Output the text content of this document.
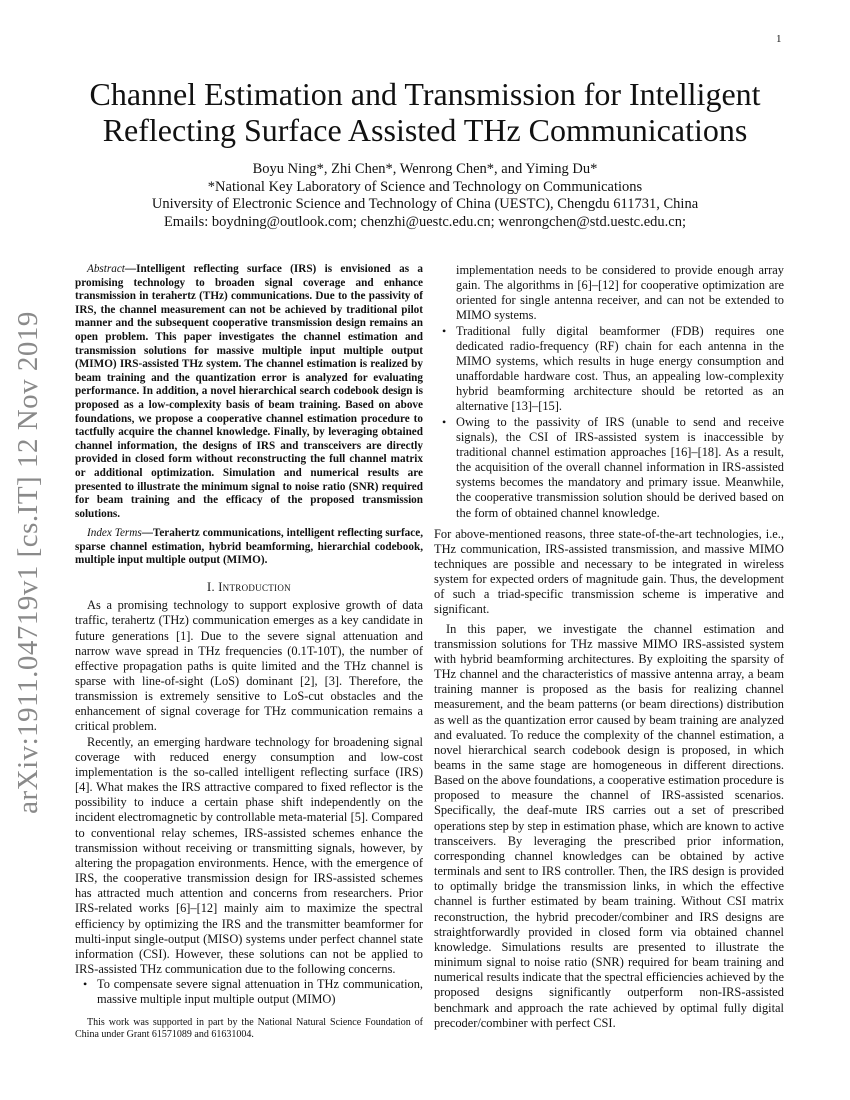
1
arXiv:1911.04719v1 [cs.IT] 12 Nov 2019
Channel Estimation and Transmission for Intelligent Reflecting Surface Assisted THz Communications
Boyu Ning*, Zhi Chen*, Wenrong Chen*, and Yiming Du*
*National Key Laboratory of Science and Technology on Communications
University of Electronic Science and Technology of China (UESTC), Chengdu 611731, China
Emails: boydning@outlook.com; chenzhi@uestc.edu.cn; wenrongchen@std.uestc.edu.cn;

Abstract—Intelligent reflecting surface (IRS) is envisioned as a promising technology to broaden signal coverage and enhance transmission in terahertz (THz) communications. Due to the passivity of IRS, the channel measurement can not be achieved by traditional pilot manner and the subsequent cooperative transmission design remains an open problem. This paper investigates the channel estimation and transmission solutions for massive multiple input multiple output (MIMO) IRS-assisted THz system. The channel estimation is realized by beam training and the quantization error is analyzed for evaluating performance. In addition, a novel hierarchical search codebook design is proposed as a low-complexity basis of beam training. Based on above foundations, we propose a cooperative channel estimation procedure to tactfully acquire the channel knowledge. Finally, by leveraging obtained channel information, the designs of IRS and transceivers are directly provided in closed form without reconstructing the full channel matrix or additional optimization. Simulation and numerical results are presented to illustrate the minimum signal to noise ratio (SNR) required for beam training and the efficacy of the proposed transmission solutions.

Index Terms—Terahertz communications, intelligent reflecting surface, sparse channel estimation, hybrid beamforming, hierarchial codebook, multiple input multiple output (MIMO).

I. Introduction

As a promising technology to support explosive growth of data traffic, terahertz (THz) communication emerges as a key candidate in future generations [1]. Due to the severe signal attenuation and narrow wave spread in THz frequencies (0.1T-10T), the number of effective propagation paths is quite limited and the THz channel is sparse with line-of-sight (LoS) dominant [2], [3]. Therefore, the transmission is extremely sensitive to LoS-cut obstacles and the enhancement of signal coverage for THz communication remains a critical problem.

Recently, an emerging hardware technology for broadening signal coverage with reduced energy consumption and low-cost implementation is the so-called intelligent reflecting surface (IRS) [4]. What makes the IRS attractive compared to fixed reflector is the possibility to induce a certain phase shift independently on the incident electromagnetic by controllable meta-material [5]. Compared to conventional relay schemes, IRS-assisted schemes enhance the transmission without receiving or transmitting signals, however, by altering the propagation environments. Hence, with the emergence of IRS, the cooperative transmission design for IRS-assisted schemes has attracted much attention and concerns from researchers. Prior IRS-related works [6]–[12] mainly aim to maximize the spectral efficiency by optimizing the IRS and the transmitter beamformer for multi-input single-output (MISO) systems under perfect channel state information (CSI). However, these solutions can not be applied to IRS-assisted THz communication due to the following concerns.

• To compensate severe signal attenuation in THz communication, massive multiple input multiple output (MIMO)

implementation needs to be considered to provide enough array gain. The algorithms in [6]–[12] for cooperative optimization are oriented for single antenna receiver, and can not be extended to MIMO systems.

• Traditional fully digital beamformer (FDB) requires one dedicated radio-frequency (RF) chain for each antenna in the MIMO systems, which results in huge energy consumption and unaffordable hardware cost. Thus, an appealing low-complexity hybrid beamforming architecture should be retorted as an alternative [13]–[15].
• Owing to the passivity of IRS (unable to send and receive signals), the CSI of IRS-assisted system is inaccessible by traditional channel estimation approaches [16]–[18]. As a result, the acquisition of the overall channel information in IRS-assisted systems becomes the mandatory and primary issue. Meanwhile, the cooperative transmission solution should be derived based on the form of obtained channel knowledge.

For above-mentioned reasons, three state-of-the-art technologies, i.e., THz communication, IRS-assisted transmission, and massive MIMO techniques are possible and necessary to be integrated in wireless system for expected orders of magnitude gain. Thus, the development of such a triad-specific transmission scheme is imperative and significant.

In this paper, we investigate the channel estimation and transmission solutions for THz massive MIMO IRS-assisted system with hybrid beamforming architectures. By exploiting the sparsity of THz channel and the characteristics of massive antenna array, a beam training manner is proposed as the basis for realizing channel measurement, and the beam patterns (or beam directions) distribution as well as the quantization error caused by beam training are analyzed and evaluated. To reduce the complexity of the channel estimation, a novel hierarchical search codebook design is proposed, in which beams in the same stage are homogeneous in different directions. Based on the above foundations, a cooperative estimation procedure is proposed to measure the channel of IRS-assisted scenarios. Specifically, the deaf-mute IRS carries out a set of prescribed operations step by step in estimation phase, which are known to active transceivers. By leveraging the prescribed prior information, corresponding channel knowledges can be obtained by active terminals and sent to IRS controller. Then, the IRS design is provided to optimally bridge the transmission links, in which the effective channel is further estimated by beam training. Without CSI matrix reconstruction, the hybrid precoder/combiner and IRS designs are straightforwardly provided in closed form via obtained channel knowledge. Simulations results are presented to illustrate the minimum signal to noise ratio (SNR) required for beam training and numerical results indicate that the spectral efficiencies achieved by the proposed designs significantly outperform non-IRS-assisted benchmark and approach the rate achieved by optimal fully digital precoder/combiner with perfect CSI.

This work was supported in part by the National Natural Science Foundation of China under Grant 61571089 and 61631004.
